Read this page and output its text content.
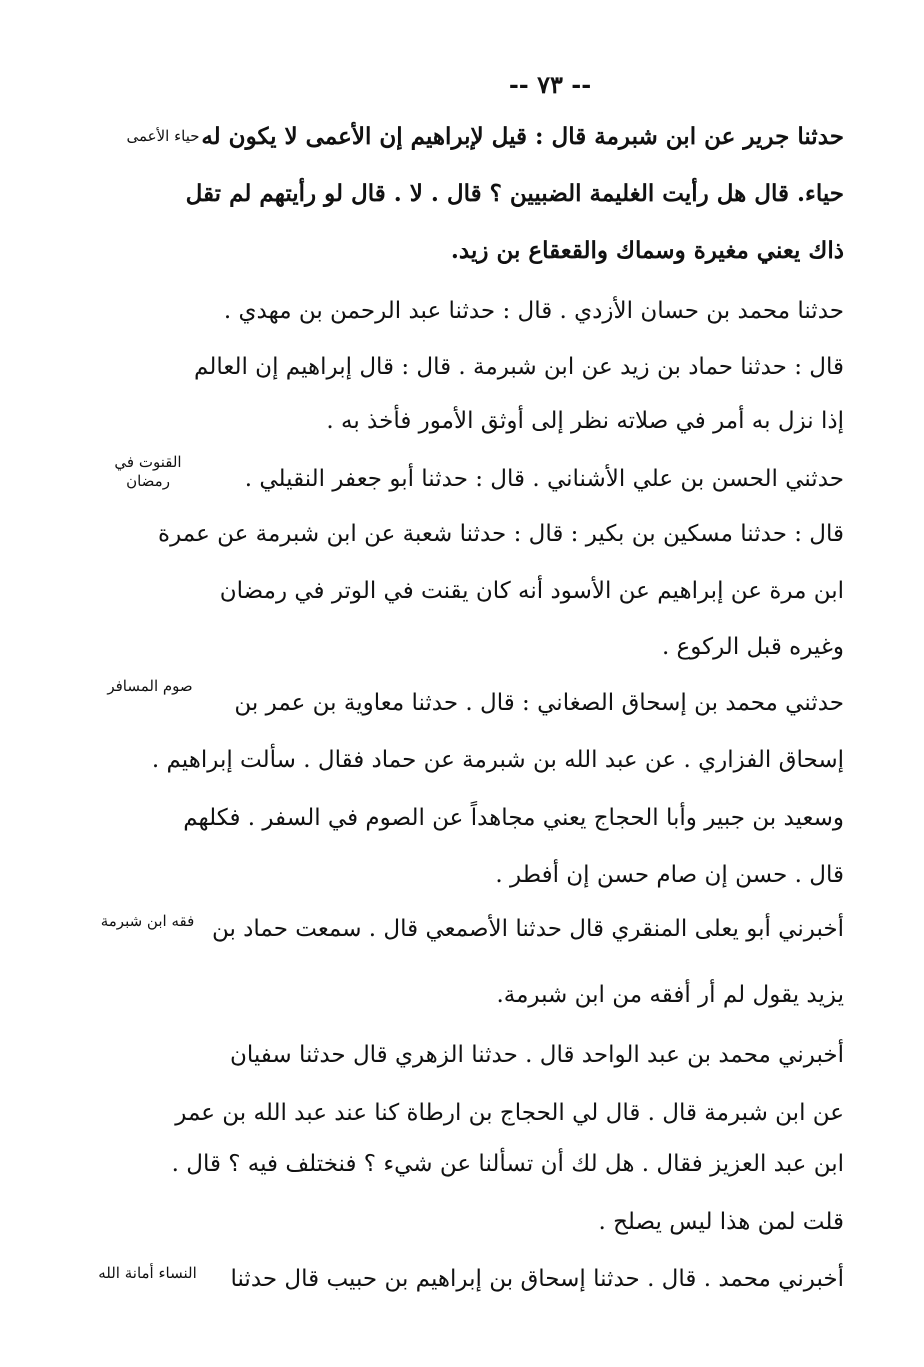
-- ٧٣ --
حياء الأعمى
القنوت في رمضان
صوم المسافر
فقه ابن شبرمة
النساء أمانة الله
حدثنا جرير عن ابن شبرمة قال : قيل لإبراهيم إن الأعمى لا يكون له
حياء. قال هل رأيت الغليمة الضبيين ؟ قال . لا . قال لو رأيتهم لم تقل
ذاك يعني مغيرة وسماك والقعقاع بن زيد.
حدثنا محمد بن حسان الأزدي . قال : حدثنا عبد الرحمن بن مهدي .
قال : حدثنا حماد بن زيد عن ابن شبرمة . قال : قال إبراهيم إن العالم
إذا نزل به أمر في صلاته نظر إلى أوثق الأمور فأخذ به .
حدثني الحسن بن علي الأشناني . قال : حدثنا أبو جعفر النقيلي .
قال : حدثنا مسكين بن بكير : قال : حدثنا شعبة عن ابن شبرمة عن عمرة
ابن مرة عن إبراهيم عن الأسود أنه كان يقنت في الوتر في رمضان
وغيره قبل الركوع .
حدثني محمد بن إسحاق الصغاني : قال . حدثنا معاوية بن عمر بن
إسحاق الفزاري . عن عبد الله بن شبرمة عن حماد فقال . سألت إبراهيم .
وسعيد بن جبير وأبا الحجاج يعني مجاهداً عن الصوم في السفر . فكلهم
قال . حسن إن صام حسن إن أفطر .
أخبرني أبو يعلى المنقري قال حدثنا الأصمعي قال . سمعت حماد بن
يزيد يقول لم أر أفقه من ابن شبرمة.
أخبرني محمد بن عبد الواحد قال . حدثنا الزهري قال حدثنا سفيان
عن ابن شبرمة قال . قال لي الحجاج بن ارطاة كنا عند عبد الله بن عمر
ابن عبد العزيز فقال . هل لك أن تسألنا عن شيء ؟ فنختلف فيه ؟ قال .
قلت لمن هذا ليس يصلح .
أخبرني محمد . قال . حدثنا إسحاق بن إبراهيم بن حبيب قال حدثنا
